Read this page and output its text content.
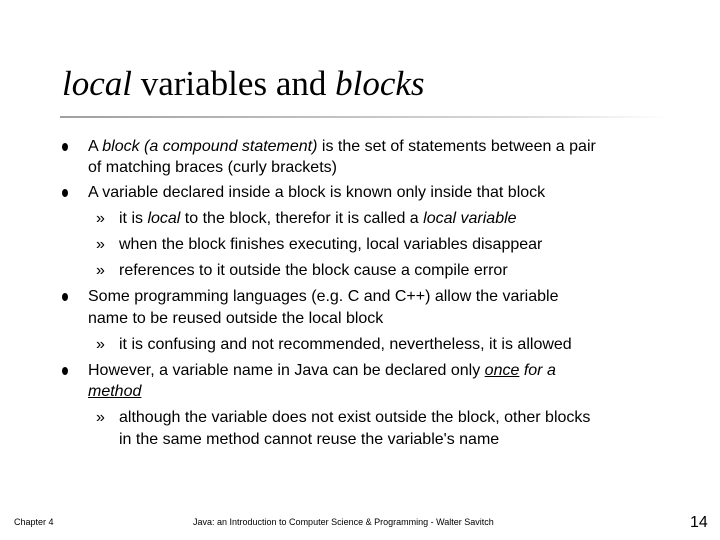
local variables and blocks
A block (a compound statement) is the set of statements between a pair
of matching braces (curly brackets)
A variable declared inside a block is known only inside that block
» it is local to the block, therefor it is called a local variable
» when the block finishes executing, local variables disappear
» references to it outside the block cause a compile error
Some programming languages (e.g. C and C++) allow the variable
name to be reused outside the local block
» it is confusing and not recommended, nevertheless, it is allowed
However, a variable name in Java can be declared only once for a
method
» although the variable does not exist outside the block, other blocks
in the same method cannot reuse the variable's name
Chapter 4	Java: an Introduction to Computer Science & Programming - Walter Savitch	14
